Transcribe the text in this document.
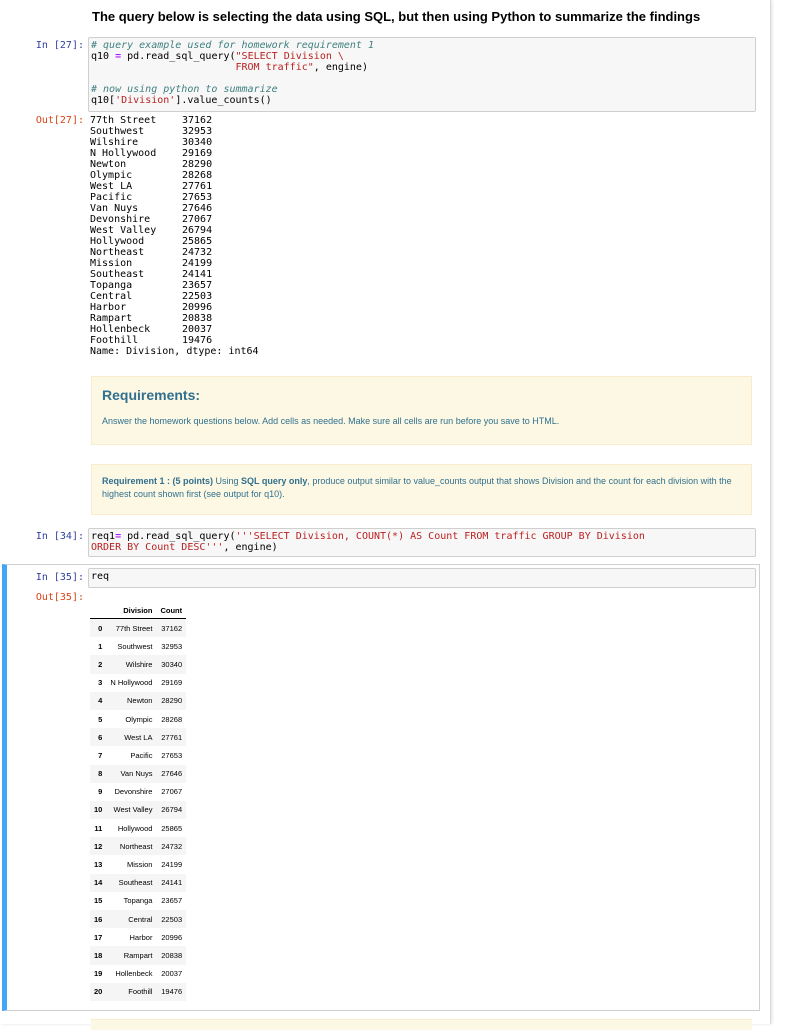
The query below is selecting the data using SQL, but then using Python to summarize the findings
In [27]: # query example used for homework requirement 1
q10 = pd.read_sql_query("SELECT Division \
FROM traffic", engine)

# now using python to summarize
q10['Division'].value_counts()
Out[27]: 77th Street	37162
Southwest	32953
Wilshire	30340
N Hollywood	29169
Newton	28290
Olympic	28268
West LA	27761
Pacific	27653
Van Nuys	27646
Devonshire	27067
West Valley	26794
Hollywood	25865
Northeast	24732
Mission	24199
Southeast	24141
Topanga	23657
Central	22503
Harbor	20996
Rampart	20838
Hollenbeck	20037
Foothill	19476
Name: Division, dtype: int64
Requirements:

Answer the homework questions below. Add cells as needed. Make sure all cells are run before you save to HTML.

Requirement 1 : (5 points) Using SQL query only, produce output similar to value_counts output that shows Division and the count for each division with the highest count shown first (see output for q10).

In [34]: req1= pd.read_sql_query('''SELECT Division, COUNT(*) AS Count FROM traffic GROUP BY Division
ORDER BY Count DESC''', engine)
In [35]: req
Out[35]:
	Division	Count
0	77th Street	37162
1	Southwest	32953
2	Wilshire	30340
3	N Hollywood	29169
4	Newton	28290
5	Olympic	28268
6	West LA	27761
7	Pacific	27653
8	Van Nuys	27646
9	Devonshire	27067
10	West Valley	26794
11	Hollywood	25865
12	Northeast	24732
13	Mission	24199
14	Southeast	24141
15	Topanga	23657
16	Central	22503
17	Harbor	20996
18	Rampart	20838
19	Hollenbeck	20037
20	Foothill	19476
